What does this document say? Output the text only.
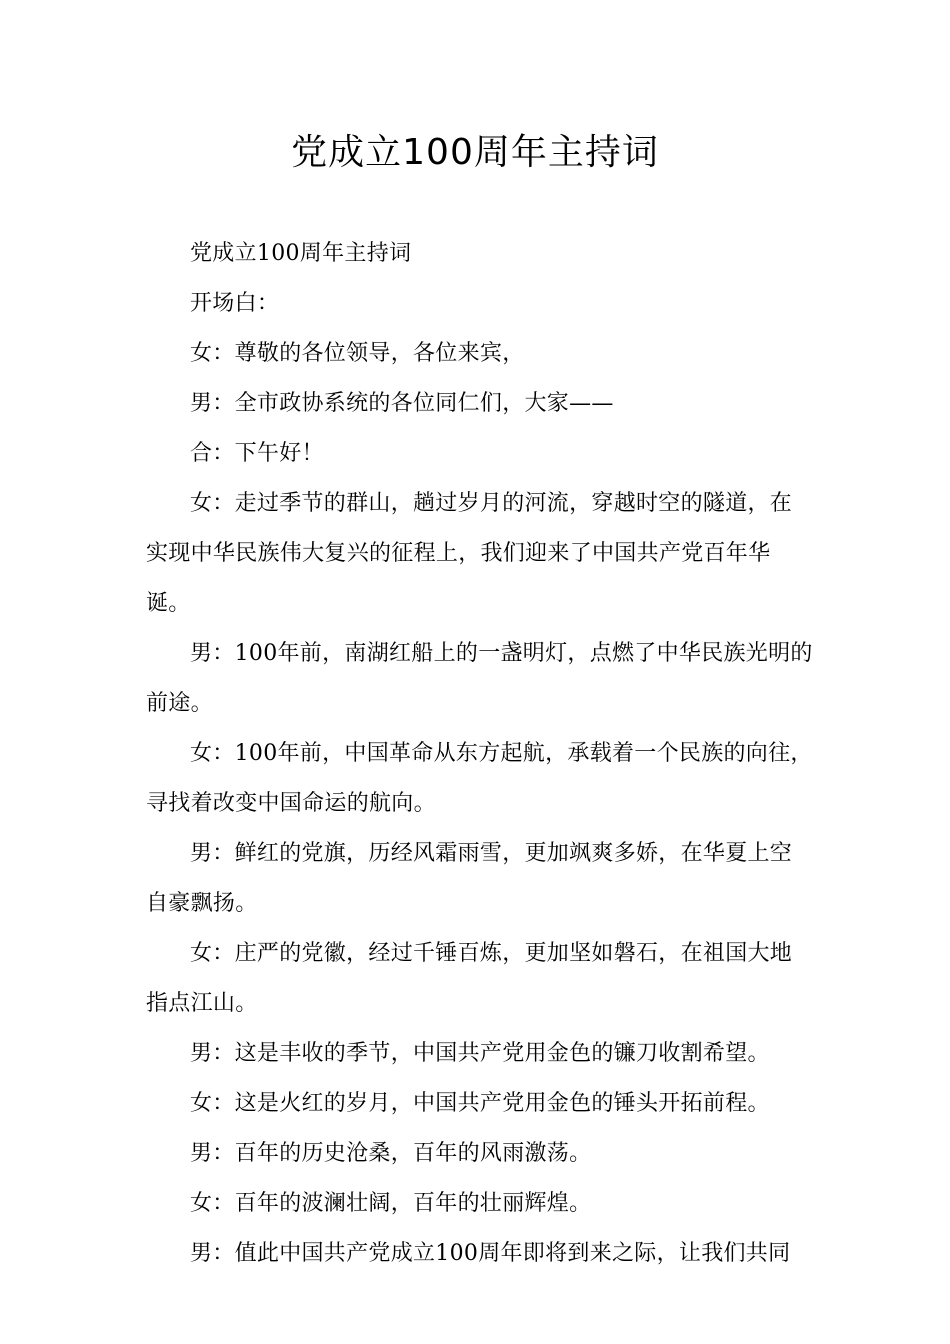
党成立100周年主持词

党成立100周年主持词

开场白：

女：尊敬的各位领导，各位来宾，

男：全市政协系统的各位同仁们，大家——

合：下午好！

女：走过季节的群山，趟过岁月的河流，穿越时空的隧道，在实现中华民族伟大复兴的征程上，我们迎来了中国共产党百年华诞。

男：100年前，南湖红船上的一盏明灯，点燃了中华民族光明的前途。

女：100年前，中国革命从东方起航，承载着一个民族的向往，寻找着改变中国命运的航向。

男：鲜红的党旗，历经风霜雨雪，更加飒爽多娇，在华夏上空自豪飘扬。

女：庄严的党徽，经过千锤百炼，更加坚如磐石，在祖国大地指点江山。

男：这是丰收的季节，中国共产党用金色的镰刀收割希望。

女：这是火红的岁月，中国共产党用金色的锤头开拓前程。

男：百年的历史沧桑，百年的风雨激荡。

女：百年的波澜壮阔，百年的壮丽辉煌。

男：值此中国共产党成立100周年即将到来之际，让我们共同
